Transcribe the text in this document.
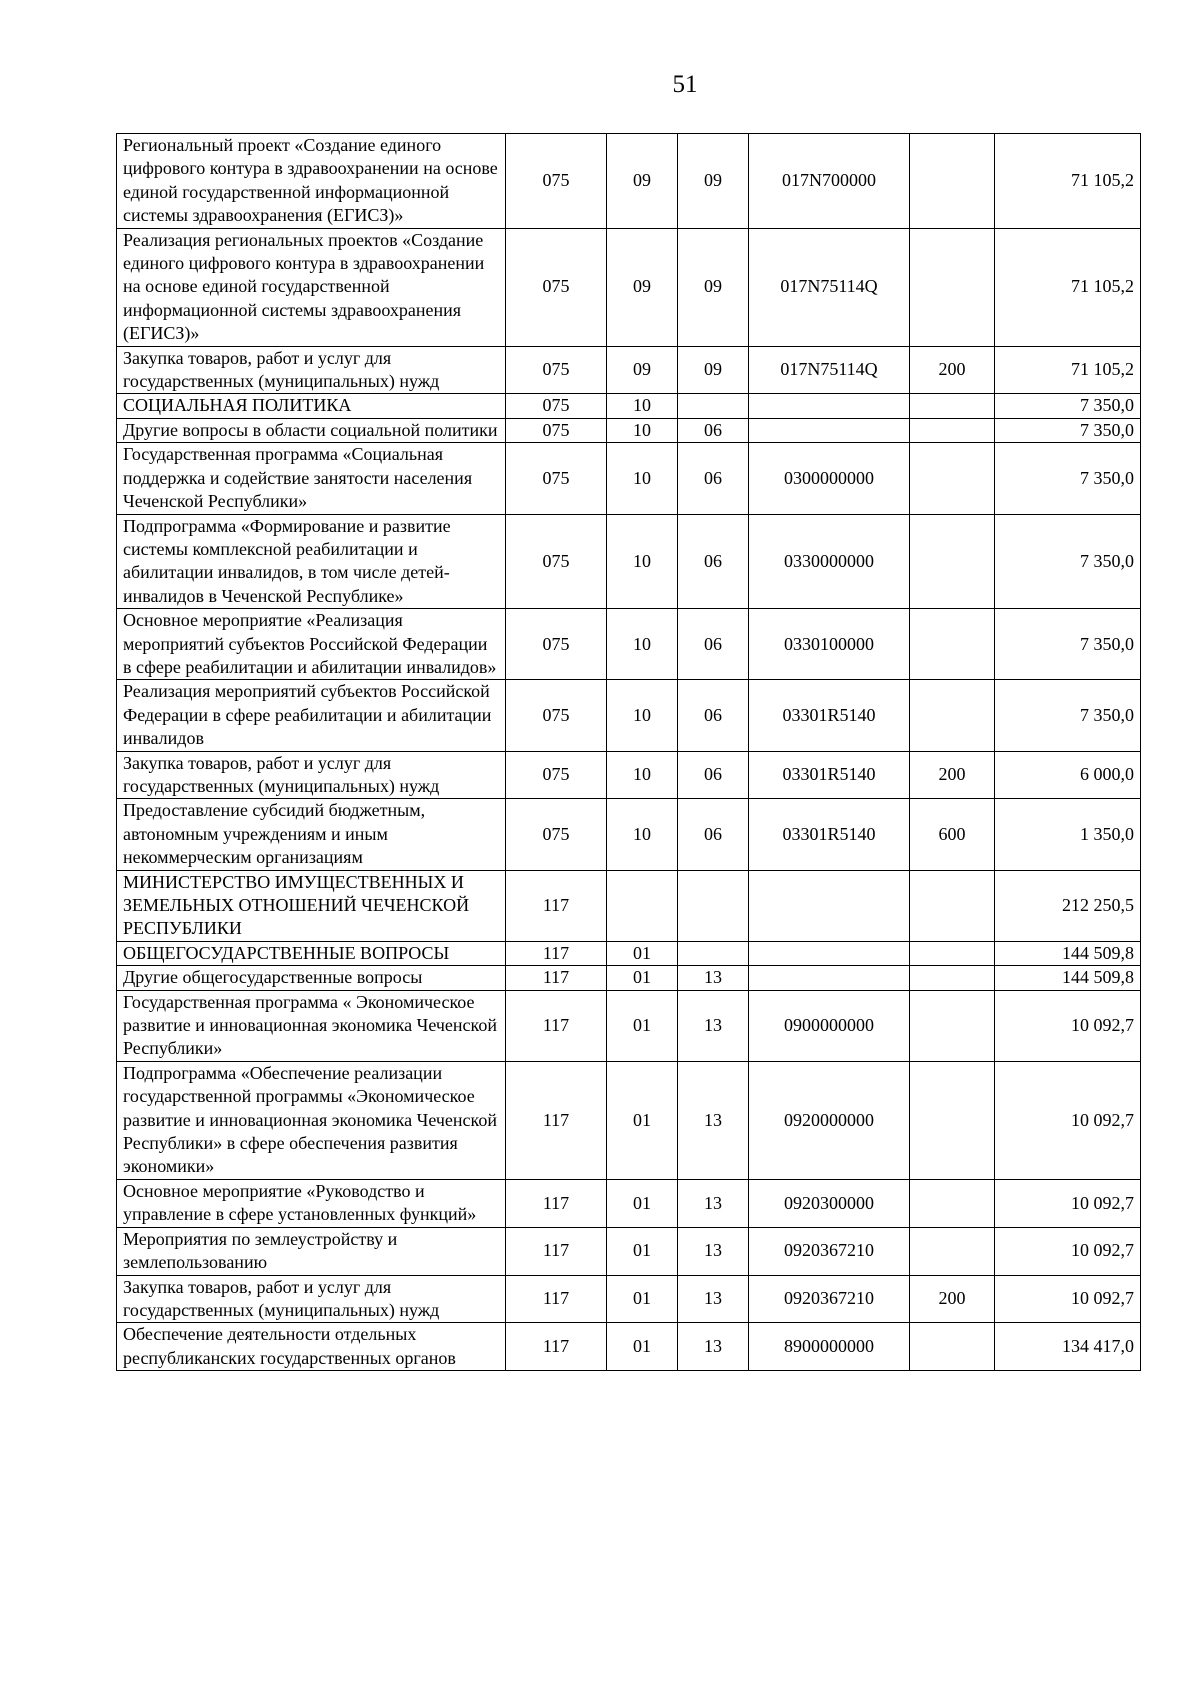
51
Региональный проект «Создание единого цифрового контура в здравоохранении на основе единой государственной информационной системы здравоохранения (ЕГИСЗ)»	075	09	09	017N700000		71 105,2
Реализация региональных проектов «Создание единого цифрового контура в здравоохранении на основе единой государственной информационной системы здравоохранения (ЕГИСЗ)»	075	09	09	017N75114Q		71 105,2
Закупка товаров, работ и услуг для государственных (муниципальных) нужд	075	09	09	017N75114Q	200	71 105,2
СОЦИАЛЬНАЯ ПОЛИТИКА	075	10				7 350,0
Другие вопросы в области социальной политики	075	10	06			7 350,0
Государственная программа «Социальная поддержка и содействие занятости населения Чеченской Республики»	075	10	06	0300000000		7 350,0
Подпрограмма «Формирование и развитие системы комплексной реабилитации и абилитации инвалидов, в том числе детей-инвалидов в Чеченской Республике»	075	10	06	0330000000		7 350,0
Основное мероприятие «Реализация мероприятий субъектов Российской Федерации в сфере реабилитации и абилитации инвалидов»	075	10	06	0330100000		7 350,0
Реализация мероприятий субъектов Российской Федерации в сфере реабилитации и абилитации инвалидов	075	10	06	03301R5140		7 350,0
Закупка товаров, работ и услуг для государственных (муниципальных) нужд	075	10	06	03301R5140	200	6 000,0
Предоставление субсидий бюджетным, автономным учреждениям и иным некоммерческим организациям	075	10	06	03301R5140	600	1 350,0
МИНИСТЕРСТВО ИМУЩЕСТВЕННЫХ И ЗЕМЕЛЬНЫХ ОТНОШЕНИЙ ЧЕЧЕНСКОЙ РЕСПУБЛИКИ	117					212 250,5
ОБЩЕГОСУДАРСТВЕННЫЕ ВОПРОСЫ	117	01				144 509,8
Другие общегосударственные вопросы	117	01	13			144 509,8
Государственная программа « Экономическое развитие и инновационная экономика Чеченской Республики»	117	01	13	0900000000		10 092,7
Подпрограмма «Обеспечение реализации государственной программы «Экономическое развитие и инновационная экономика Чеченской Республики» в сфере обеспечения развития экономики»	117	01	13	0920000000		10 092,7
Основное мероприятие «Руководство и управление в сфере установленных функций»	117	01	13	0920300000		10 092,7
Мероприятия по землеустройству и землепользованию	117	01	13	0920367210		10 092,7
Закупка товаров, работ и услуг для государственных (муниципальных) нужд	117	01	13	0920367210	200	10 092,7
Обеспечение деятельности отдельных республиканских государственных органов	117	01	13	8900000000		134 417,0
